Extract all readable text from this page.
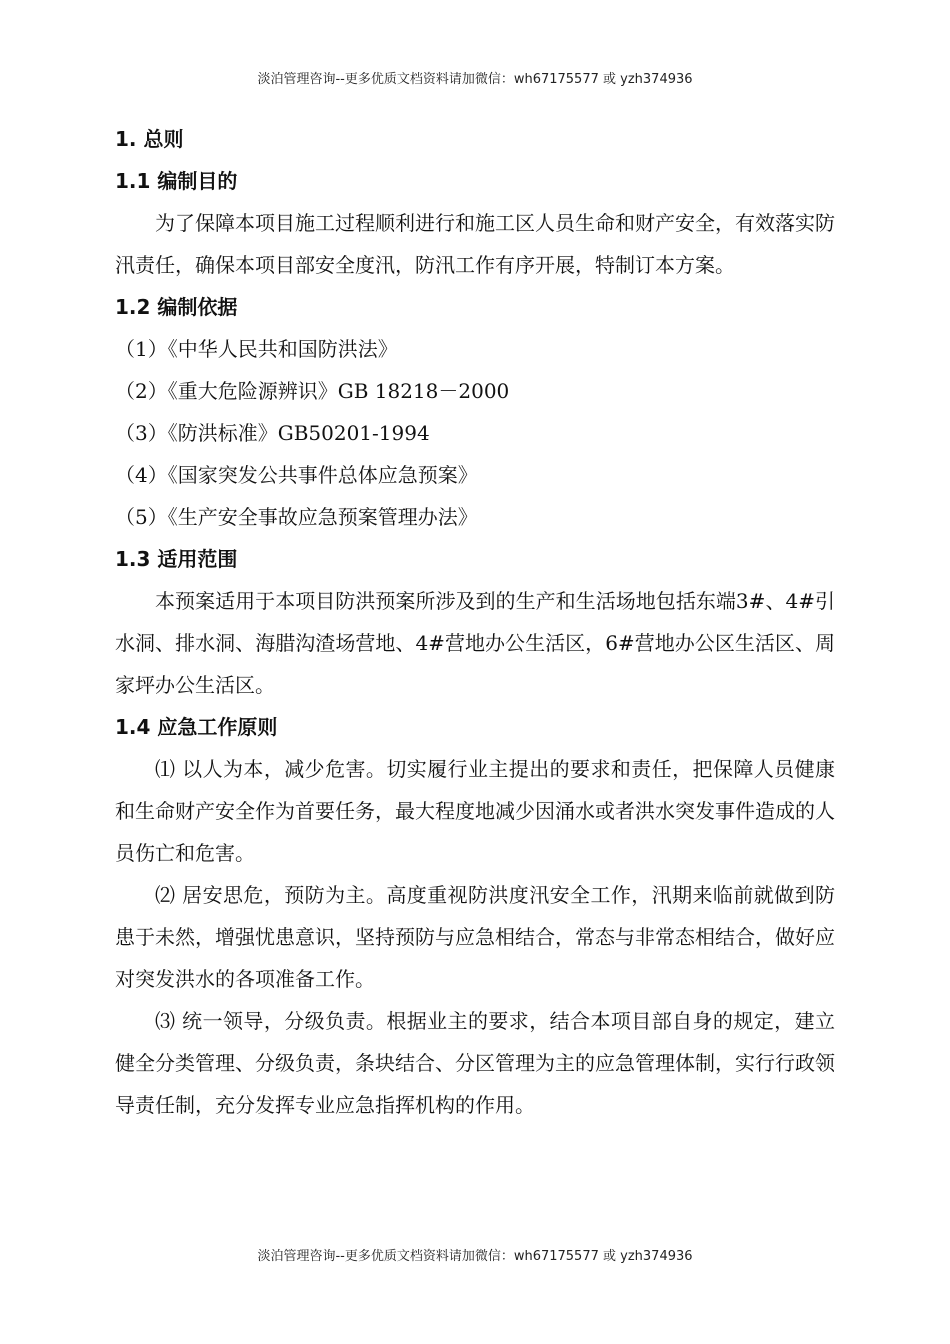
淡泊管理咨询--更多优质文档资料请加微信：wh67175577 或 yzh374936
1. 总则
1.1 编制目的

为了保障本项目施工过程顺利进行和施工区人员生命和财产安全，有效落实防汛责任，确保本项目部安全度汛，防汛工作有序开展，特制订本方案。

1.2 编制依据
（1）《中华人民共和国防洪法》
（2）《重大危险源辨识》GB 18218－2000
（3）《防洪标准》GB50201-1994
（4）《国家突发公共事件总体应急预案》
（5）《生产安全事故应急预案管理办法》
1.3 适用范围

本预案适用于本项目防洪预案所涉及到的生产和生活场地包括东端3#、4#引水洞、排水洞、海腊沟渣场营地、4#营地办公生活区，6#营地办公区生活区、周家坪办公生活区。

1.4 应急工作原则

⑴ 以人为本，减少危害。切实履行业主提出的要求和责任，把保障人员健康和生命财产安全作为首要任务，最大程度地减少因涌水或者洪水突发事件造成的人员伤亡和危害。

⑵ 居安思危，预防为主。高度重视防洪度汛安全工作，汛期来临前就做到防患于未然，增强忧患意识，坚持预防与应急相结合，常态与非常态相结合，做好应对突发洪水的各项准备工作。

⑶ 统一领导，分级负责。根据业主的要求，结合本项目部自身的规定，建立健全分类管理、分级负责，条块结合、分区管理为主的应急管理体制，实行行政领导责任制，充分发挥专业应急指挥机构的作用。

淡泊管理咨询--更多优质文档资料请加微信：wh67175577 或 yzh374936
